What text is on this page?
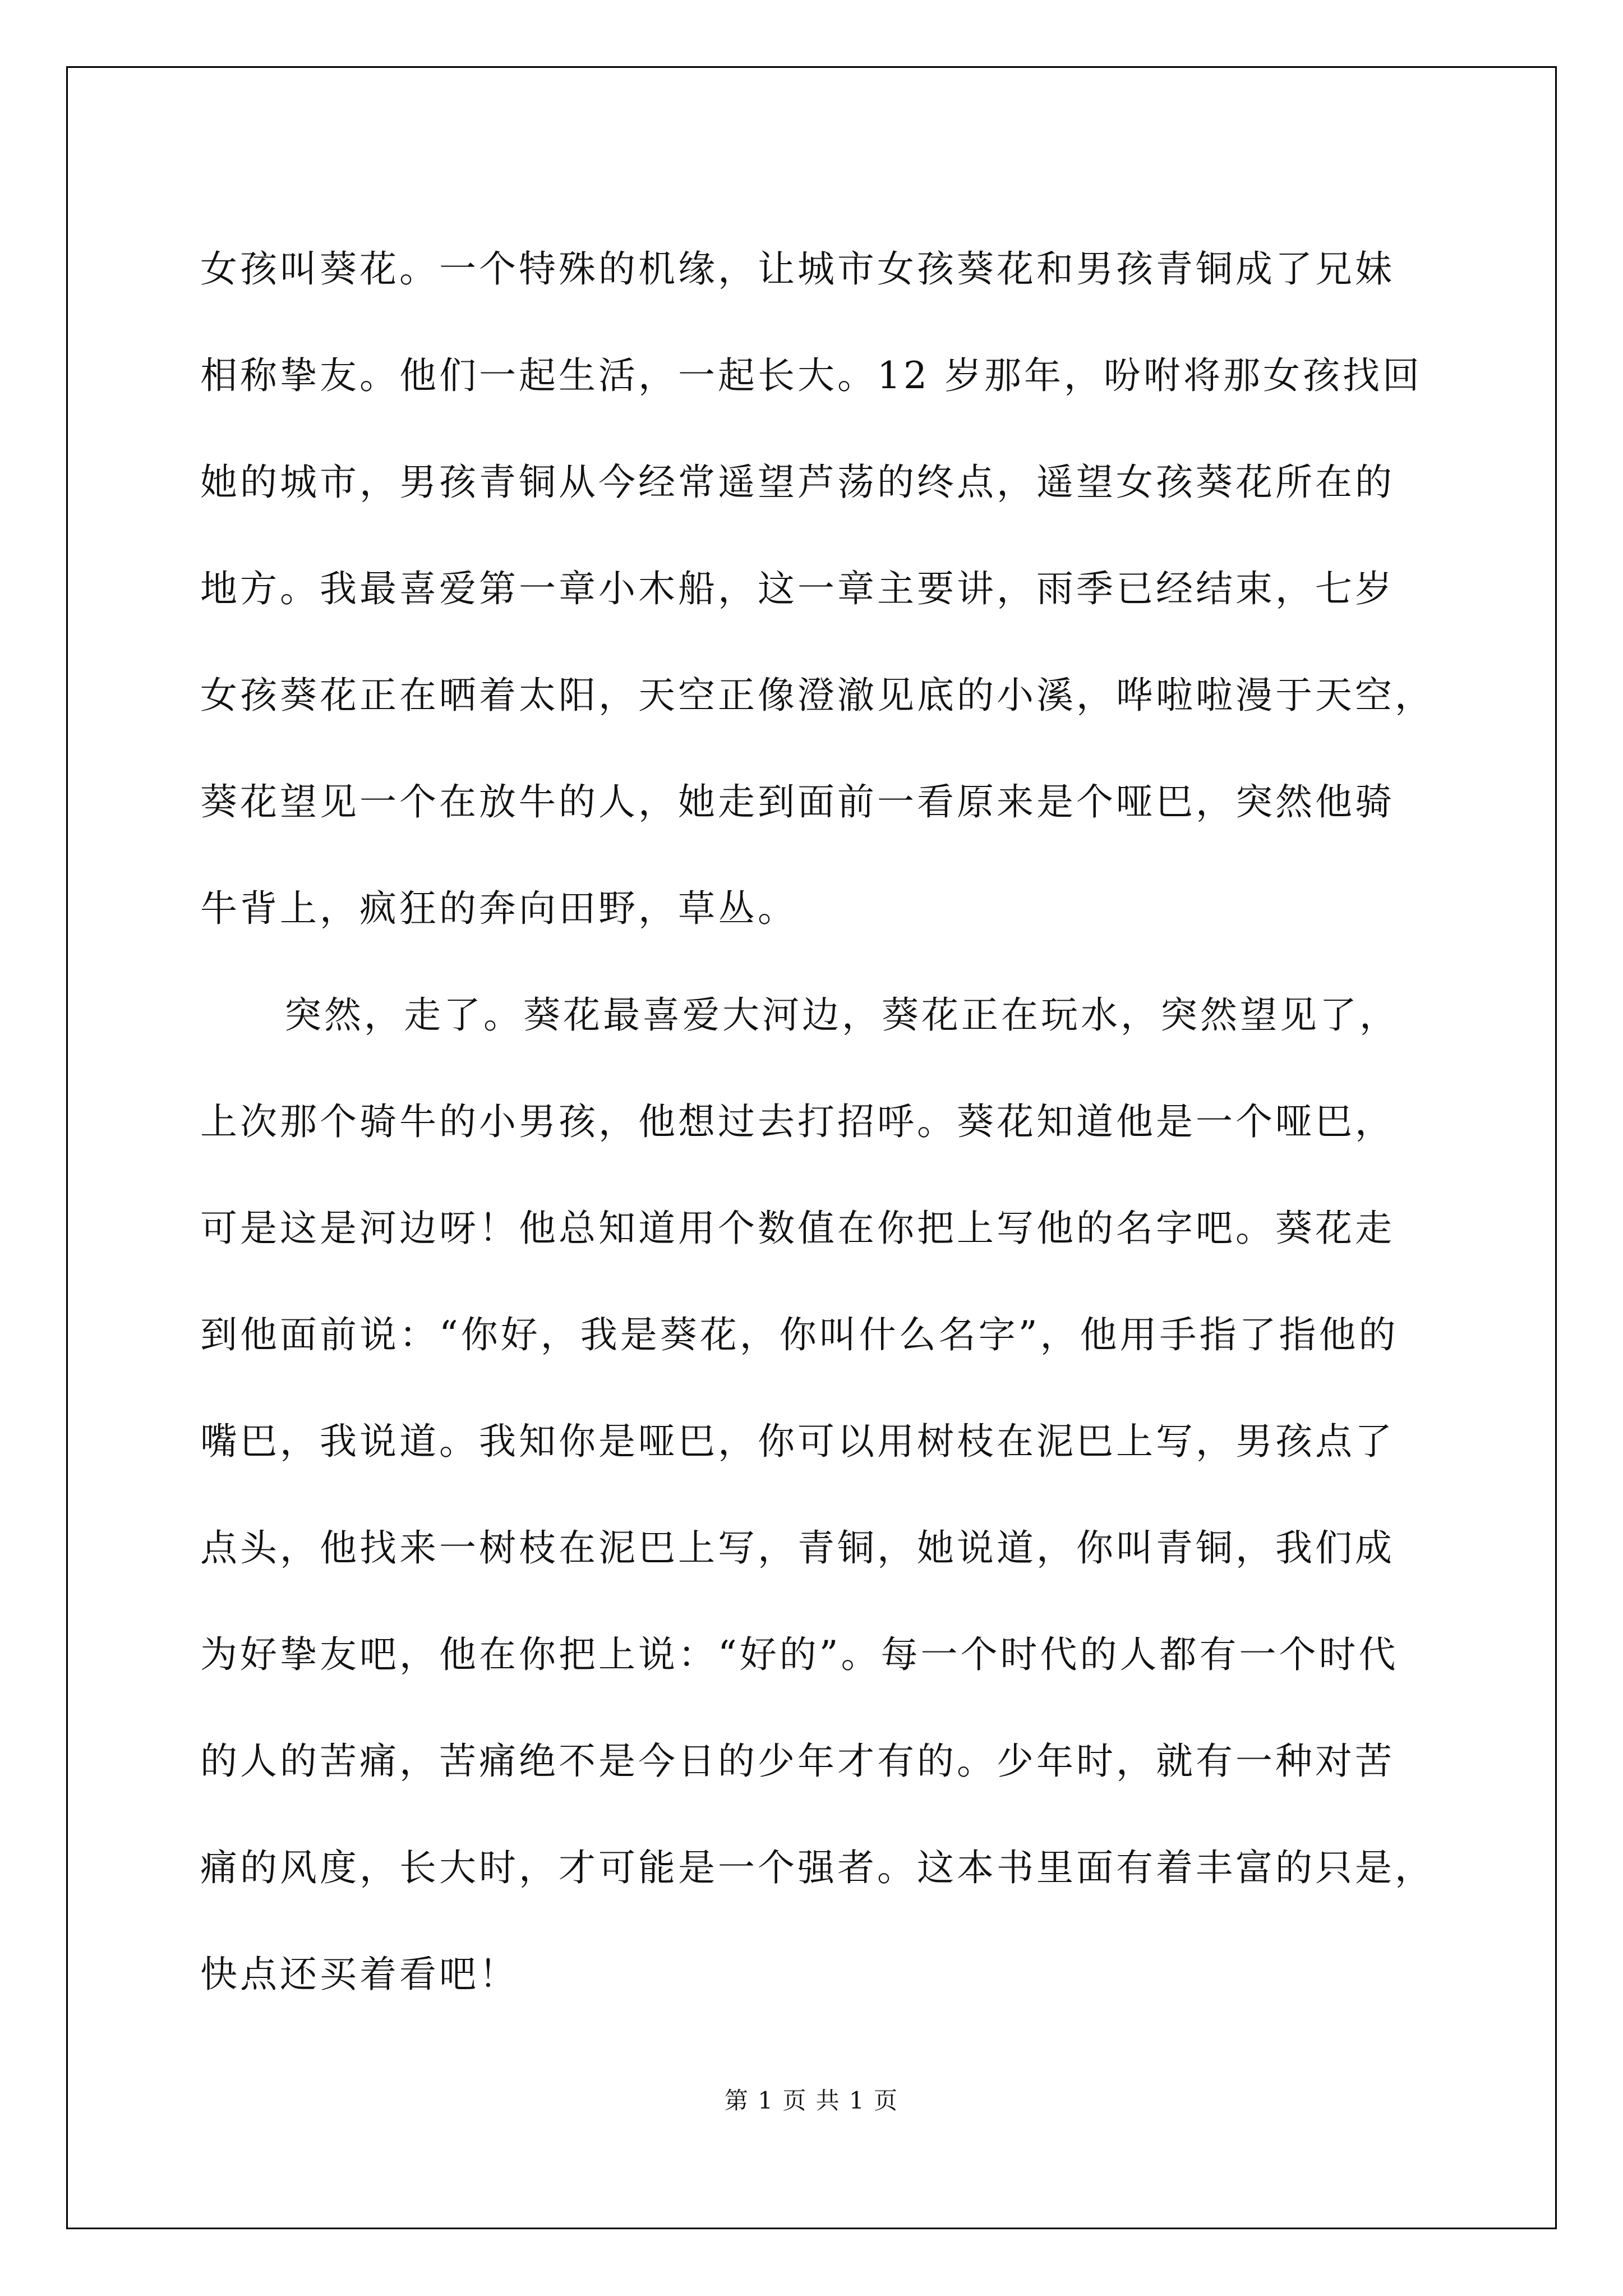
女孩叫葵花。一个特殊的机缘，让城市女孩葵花和男孩青铜成了兄妹
相称挚友。他们一起生活，一起长大。12 岁那年，吩咐将那女孩找回
她的城市，男孩青铜从今经常遥望芦荡的终点，遥望女孩葵花所在的
地方。我最喜爱第一章小木船，这一章主要讲，雨季已经结束，七岁
女孩葵花正在晒着太阳，天空正像澄澈见底的小溪，哗啦啦漫于天空，
葵花望见一个在放牛的人，她走到面前一看原来是个哑巴，突然他骑
牛背上，疯狂的奔向田野，草丛。

突然，走了。葵花最喜爱大河边，葵花正在玩水，突然望见了，
上次那个骑牛的小男孩，他想过去打招呼。葵花知道他是一个哑巴，
可是这是河边呀！他总知道用个数值在你把上写他的名字吧。葵花走
到他面前说：“你好，我是葵花，你叫什么名字”，他用手指了指他的
嘴巴，我说道。我知你是哑巴，你可以用树枝在泥巴上写，男孩点了
点头，他找来一树枝在泥巴上写，青铜，她说道，你叫青铜，我们成
为好挚友吧，他在你把上说：“好的”。每一个时代的人都有一个时代
的人的苦痛，苦痛绝不是今日的少年才有的。少年时，就有一种对苦
痛的风度，长大时，才可能是一个强者。这本书里面有着丰富的只是，
快点还买着看吧！

第 1 页 共 1 页
